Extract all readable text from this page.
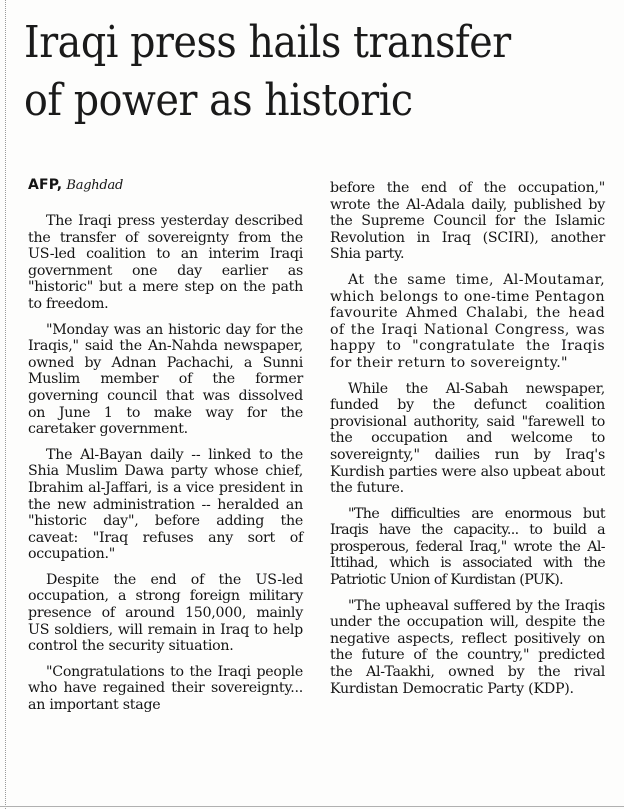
Iraqi press hails transfer
of power as historic

AFP, Baghdad

The Iraqi press yesterday described the transfer of sovereignty from the US-led coalition to an interim Iraqi government one day earlier as "historic" but a mere step on the path to freedom.

"Monday was an historic day for the Iraqis," said the An-Nahda newspaper, owned by Adnan Pachachi, a Sunni Muslim member of the former governing council that was dissolved on June 1 to make way for the caretaker government.

The Al-Bayan daily -- linked to the Shia Muslim Dawa party whose chief, Ibrahim al-Jaffari, is a vice president in the new administration -- heralded an "historic day", before adding the caveat: "Iraq refuses any sort of occupation."

Despite the end of the US-led occupation, a strong foreign military presence of around 150,000, mainly US soldiers, will remain in Iraq to help control the security situation.

"Congratulations to the Iraqi people who have regained their sovereignty... an important stage

before the end of the occupation," wrote the Al-Adala daily, published by the Supreme Council for the Islamic Revolution in Iraq (SCIRI), another Shia party.

At the same time, Al-Moutamar, which belongs to one-time Pentagon favourite Ahmed Chalabi, the head of the Iraqi National Congress, was happy to "congratulate the Iraqis for their return to sovereignty."

While the Al-Sabah newspaper, funded by the defunct coalition provisional authority, said "farewell to the occupation and welcome to sovereignty," dailies run by Iraq's Kurdish parties were also upbeat about the future.

"The difficulties are enormous but Iraqis have the capacity... to build a prosperous, federal Iraq," wrote the Al-Ittihad, which is associated with the Patriotic Union of Kurdistan (PUK).

"The upheaval suffered by the Iraqis under the occupation will, despite the negative aspects, reflect positively on the future of the country," predicted the Al-Taakhi, owned by the rival Kurdistan Democratic Party (KDP).
